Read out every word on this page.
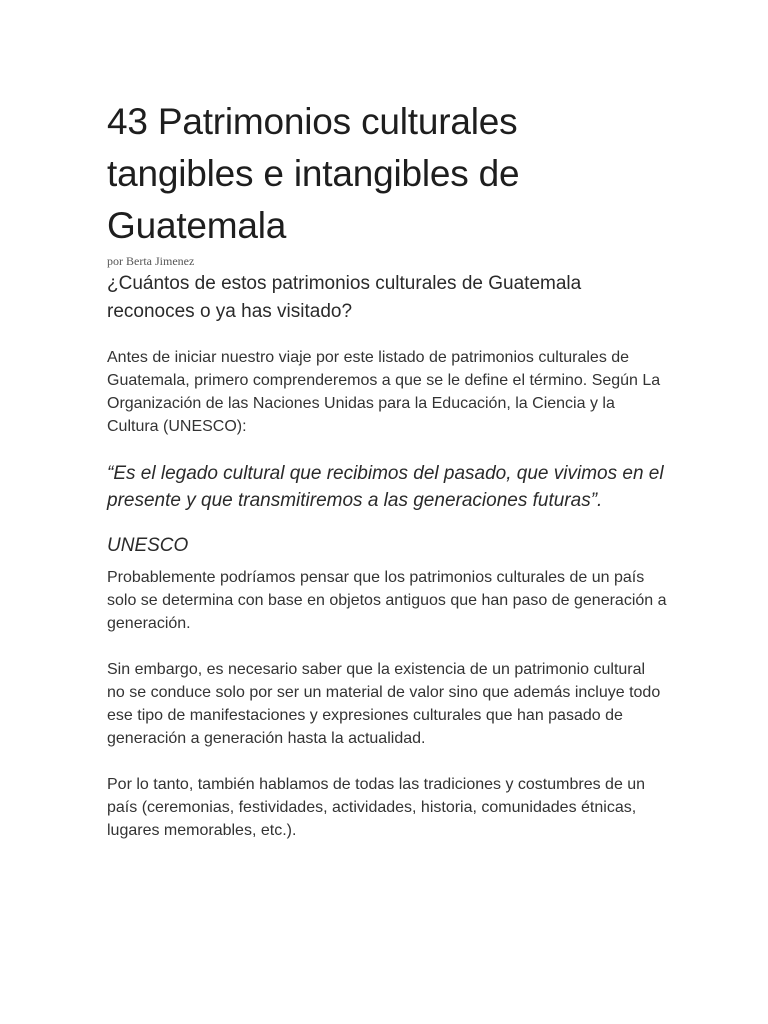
43 Patrimonios culturales tangibles e intangibles de Guatemala

por Berta Jimenez

¿Cuántos de estos patrimonios culturales de Guatemala reconoces o ya has visitado?

Antes de iniciar nuestro viaje por este listado de patrimonios culturales de Guatemala, primero comprenderemos a que se le define el término. Según La Organización de las Naciones Unidas para la Educación, la Ciencia y la Cultura (UNESCO):

“Es el legado cultural que recibimos del pasado, que vivimos en el presente y que transmitiremos a las generaciones futuras”.

UNESCO

Probablemente podríamos pensar que los patrimonios culturales de un país solo se determina con base en objetos antiguos que han paso de generación a generación.

Sin embargo, es necesario saber que la existencia de un patrimonio cultural no se conduce solo por ser un material de valor sino que además incluye todo ese tipo de manifestaciones y expresiones culturales que han pasado de generación a generación hasta la actualidad.

Por lo tanto, también hablamos de todas las tradiciones y costumbres de un país (ceremonias, festividades, actividades, historia, comunidades étnicas, lugares memorables, etc.).
